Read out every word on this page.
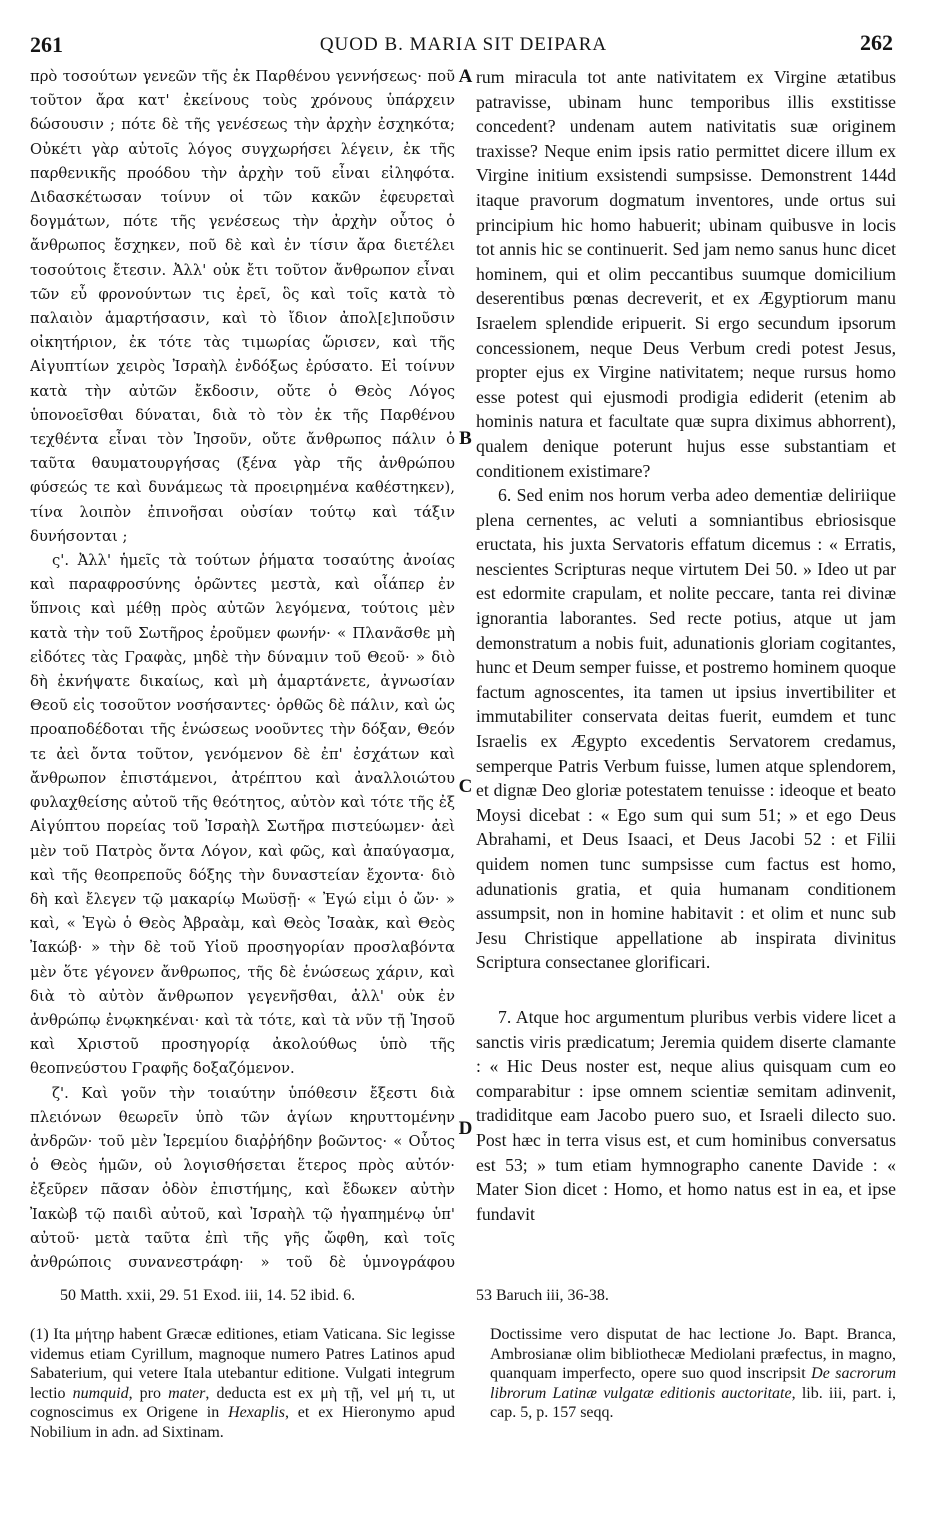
261	QUOD B. MARIA SIT DEIPARA	262

πρὸ τοσούτων γενεῶν τῆς ἐκ Παρθένου γεννήσεως· ποῦ τοῦτον ἄρα κατ' ἐκείνους τοὺς χρόνους ὑπάρχειν δώσουσιν ; πότε δὲ τῆς γενέσεως τὴν ἀρχὴν ἐσχηκότα; Οὐκέτι γὰρ αὐτοῖς λόγος συγχωρήσει λέγειν, ἐκ τῆς παρθενικῆς προόδου τὴν ἀρχὴν τοῦ εἶναι εἰληφότα. Διδασκέτωσαν τοίνυν οἱ τῶν κακῶν ἐφευρεταὶ δογμάτων, πότε τῆς γενέσεως τὴν ἀρχὴν οὗτος ὁ ἄνθρωπος ἔσχηκεν, ποῦ δὲ καὶ ἐν τίσιν ἄρα διετέλει τοσούτοις ἔτεσιν. Ἀλλ' οὐκ ἔτι τοῦτον ἄνθρωπον εἶναι τῶν εὖ φρονούντων τις ἐρεῖ, ὃς καὶ τοῖς κατὰ τὸ παλαιὸν ἁμαρτήσασιν, καὶ τὸ ἴδιον ἀπολ[ε]ιποῦσιν οἰκητήριον, ἐκ τότε τὰς τιμωρίας ὥρισεν, καὶ τῆς Αἰγυπτίων χειρὸς Ἰσραὴλ ἐνδόξως ἐρύσατο. Εἰ τοίνυν κατὰ τὴν αὐτῶν ἔκδοσιν, οὔτε ὁ Θεὸς Λόγος ὑπονοεῖσθαι δύναται, διὰ τὸ τὸν ἐκ τῆς Παρθένου τεχθέντα εἶναι τὸν Ἰησοῦν, οὔτε ἄνθρωπος πάλιν ὁ ταῦτα θαυματουργήσας (ξένα γὰρ τῆς ἀνθρώπου φύσεώς τε καὶ δυνάμεως τὰ προειρημένα καθέστηκεν), τίνα λοιπὸν ἐπινοῆσαι οὐσίαν τούτῳ καὶ τάξιν δυνήσονται ;

ς'. Ἀλλ' ἡμεῖς τὰ τούτων ῥήματα τοσαύτης ἀνοίας καὶ παραφροσύνης ὁρῶντες μεστὰ, καὶ οἷάπερ ἐν ὕπνοις καὶ μέθῃ πρὸς αὐτῶν λεγόμενα, τούτοις μὲν κατὰ τὴν τοῦ Σωτῆρος ἐροῦμεν φωνήν· « Πλανᾶσθε μὴ εἰδότες τὰς Γραφὰς, μηδὲ τὴν δύναμιν τοῦ Θεοῦ· » διὸ δὴ ἐκνήψατε δικαίως, καὶ μὴ ἁμαρτάνετε, ἀγνωσίαν Θεοῦ εἰς τοσοῦτον νοσήσαντες· ὀρθῶς δὲ πάλιν, καὶ ὡς προαποδέδοται τῆς ἑνώσεως νοοῦντες τὴν δόξαν, Θεόν τε ἀεὶ ὄντα τοῦτον, γενόμενον δὲ ἐπ' ἐσχάτων καὶ ἄνθρωπον ἐπιστάμενοι, ἀτρέπτου καὶ ἀναλλοιώτου φυλαχθείσης αὐτοῦ τῆς θεότητος, αὐτὸν καὶ τότε τῆς ἐξ Αἰγύπτου πορείας τοῦ Ἰσραὴλ Σωτῆρα πιστεύωμεν· ἀεὶ μὲν τοῦ Πατρὸς ὄντα Λόγον, καὶ φῶς, καὶ ἀπαύγασμα, καὶ τῆς θεοπρεποῦς δόξης τὴν δυναστείαν ἔχοντα· διὸ δὴ καὶ ἔλεγεν τῷ μακαρίῳ Μωϋσῇ· « Ἐγώ εἰμι ὁ ὤν· » καὶ, « Ἐγὼ ὁ Θεὸς Ἀβραὰμ, καὶ Θεὸς Ἰσαὰκ, καὶ Θεὸς Ἰακώβ· » τὴν δὲ τοῦ Υἱοῦ προσηγορίαν προσλαβόντα μὲν ὅτε γέγονεν ἄνθρωπος, τῆς δὲ ἑνώσεως χάριν, καὶ διὰ τὸ αὐτὸν ἄνθρωπον γεγενῆσθαι, ἀλλ' οὐκ ἐν ἀνθρώπῳ ἐνῳκηκέναι· καὶ τὰ τότε, καὶ τὰ νῦν τῇ Ἰησοῦ καὶ Χριστοῦ προσηγορίᾳ ἀκολούθως ὑπὸ τῆς θεοπνεύστου Γραφῆς δοξαζόμενον.

ζ'. Καὶ γοῦν τὴν τοιαύτην ὑπόθεσιν ἔξεστι διὰ πλειόνων θεωρεῖν ὑπὸ τῶν ἁγίων κηρυττομένην ἀνδρῶν· τοῦ μὲν Ἱερεμίου διαῤῥήδην βοῶντος· « Οὗτος ὁ Θεὸς ἡμῶν, οὐ λογισθήσεται ἕτερος πρὸς αὐτόν· ἐξεῦρεν πᾶσαν ὁδὸν ἐπιστήμης, καὶ ἔδωκεν αὐτὴν Ἰακὼβ τῷ παιδὶ αὐτοῦ, καὶ Ἰσραὴλ τῷ ἠγαπημένῳ ὑπ' αὐτοῦ· μετὰ ταῦτα ἐπὶ τῆς γῆς ὤφθη, καὶ τοῖς ἀνθρώποις συνανεστράφη· » τοῦ δὲ ὑμνογράφου

A
B
C
D

rum miracula tot ante nativitatem ex Virgine ætatibus patravisse, ubinam hunc temporibus illis exstitisse concedent? undenam autem nativitatis suæ originem traxisse? Neque enim ipsis ratio permittet dicere illum ex Virgine initium exsistendi sumpsisse. Demonstrent 144d itaque pravorum dogmatum inventores, unde ortus sui principium hic homo habuerit; ubinam quibusve in locis tot annis hic se continuerit. Sed jam nemo sanus hunc dicet hominem, qui et olim peccantibus suumque domicilium deserentibus pœnas decreverit, et ex Ægyptiorum manu Israelem splendide eripuerit. Si ergo secundum ipsorum concessionem, neque Deus Verbum credi potest Jesus, propter ejus ex Virgine nativitatem; neque rursus homo esse potest qui ejusmodi prodigia ediderit (etenim ab hominis natura et facultate quæ supra diximus abhorrent), qualem denique poterunt hujus esse substantiam et conditionem existimare?

6. Sed enim nos horum verba adeo dementiæ deliriique plena cernentes, ac veluti a somniantibus ebriosisque eructata, his juxta Servatoris effatum dicemus : « Erratis, nescientes Scripturas neque virtutem Dei 50. » Ideo ut par est edormite crapulam, et nolite peccare, tanta rei divinæ ignorantia laborantes. Sed recte potius, atque ut jam demonstratum a nobis fuit, adunationis gloriam cogitantes, hunc et Deum semper fuisse, et postremo hominem quoque factum agnoscentes, ita tamen ut ipsius invertibiliter et immutabiliter conservata deitas fuerit, eumdem et tunc Israelis ex Ægypto excedentis Servatorem credamus, semperque Patris Verbum fuisse, lumen atque splendorem, et dignæ Deo gloriæ potestatem tenuisse : ideoque et beato Moysi dicebat : « Ego sum qui sum 51; » et ego Deus Abrahami, et Deus Isaaci, et Deus Jacobi 52 : et Filii quidem nomen tunc sumpsisse cum factus est homo, adunationis gratia, et quia humanam conditionem assumpsit, non in homine habitavit : et olim et nunc sub Jesu Christique appellatione ab inspirata divinitus Scriptura consectanee glorificari.

7. Atque hoc argumentum pluribus verbis videre licet a sanctis viris prædicatum; Jeremia quidem diserte clamante : « Hic Deus noster est, neque alius quisquam cum eo comparabitur : ipse omnem scientiæ semitam adinvenit, tradiditque eam Jacobo puero suo, et Israeli dilecto suo. Post hæc in terra visus est, et cum hominibus conversatus est 53; » tum etiam hymnographo canente Davide : « Mater Sion dicet : Homo, et homo natus est in ea, et ipse fundavit

50 Matth. xxii, 29. 51 Exod. iii, 14. 52 ibid. 6.	53 Baruch iii, 36-38.
(1) Ita μήτηρ habent Græcæ editiones, etiam Vaticana. Sic legisse videmus etiam Cyrillum, magnoque numero Patres Latinos apud Sabaterium, qui vetere Itala utebantur editione. Vulgati integrum lectio numquid, pro mater, deducta est ex μὴ τῇ, vel μή τι, ut cognoscimus ex Origene in Hexaplis, et ex Hieronymo apud Nobilium in adn. ad Sixtinam.
Doctissime vero disputat de hac lectione Jo. Bapt. Branca, Ambrosianæ olim bibliothecæ Mediolani præfectus, in magno, quanquam imperfecto, opere suo quod inscripsit De sacrorum librorum Latinæ vulgatæ editionis auctoritate, lib. iii, part. i, cap. 5, p. 157 seqq.
